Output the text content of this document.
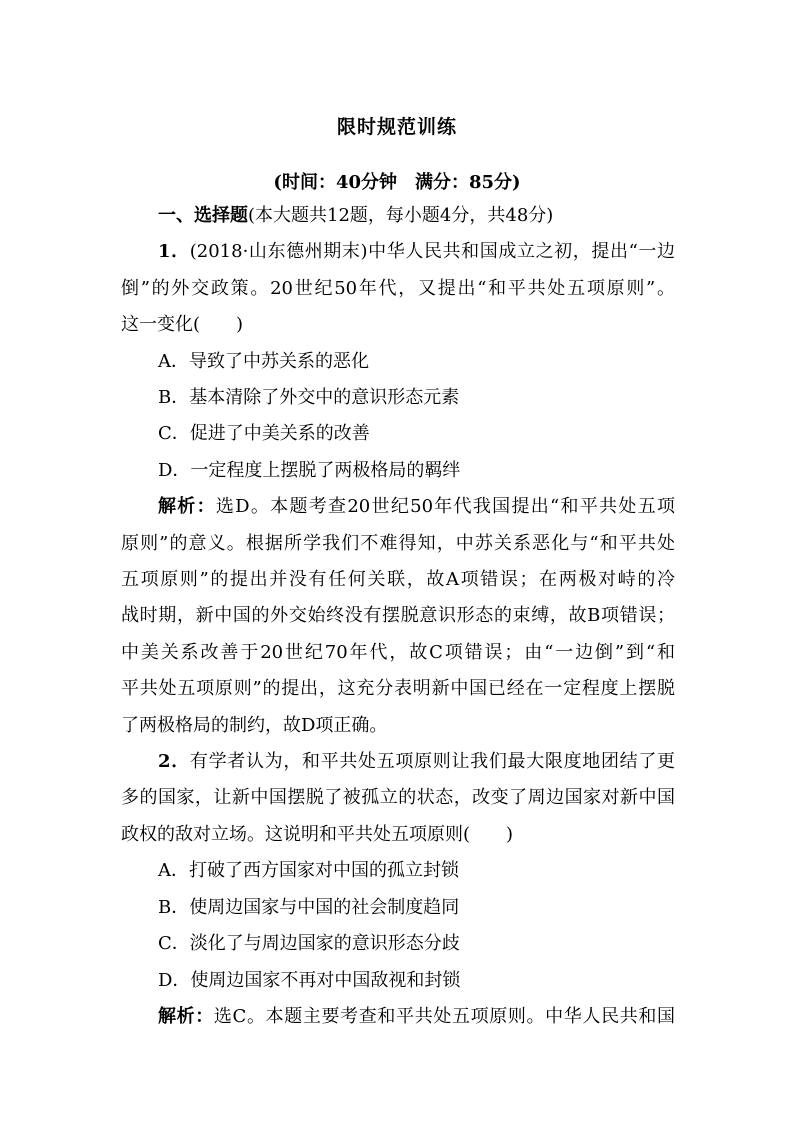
限时规范训练
(时间：40分钟　满分：85分)
一、选择题(本大题共12题，每小题4分，共48分)
1．(2018·山东德州期末)中华人民共和国成立之初，提出“一边
倒”的外交政策。20世纪50年代，又提出“和平共处五项原则”。
这一变化(　　)
A．导致了中苏关系的恶化
B．基本清除了外交中的意识形态元素
C．促进了中美关系的改善
D．一定程度上摆脱了两极格局的羁绊
解析：选D。本题考查20世纪50年代我国提出“和平共处五项
原则”的意义。根据所学我们不难得知，中苏关系恶化与“和平共处
五项原则”的提出并没有任何关联，故A项错误；在两极对峙的冷
战时期，新中国的外交始终没有摆脱意识形态的束缚，故B项错误；
中美关系改善于20世纪70年代，故C项错误；由“一边倒”到“和
平共处五项原则”的提出，这充分表明新中国已经在一定程度上摆脱
了两极格局的制约，故D项正确。
2．有学者认为，和平共处五项原则让我们最大限度地团结了更
多的国家，让新中国摆脱了被孤立的状态，改变了周边国家对新中国
政权的敌对立场。这说明和平共处五项原则(　　)
A．打破了西方国家对中国的孤立封锁
B．使周边国家与中国的社会制度趋同
C．淡化了与周边国家的意识形态分歧
D．使周边国家不再对中国敌视和封锁
解析：选C。本题主要考查和平共处五项原则。中华人民共和国
